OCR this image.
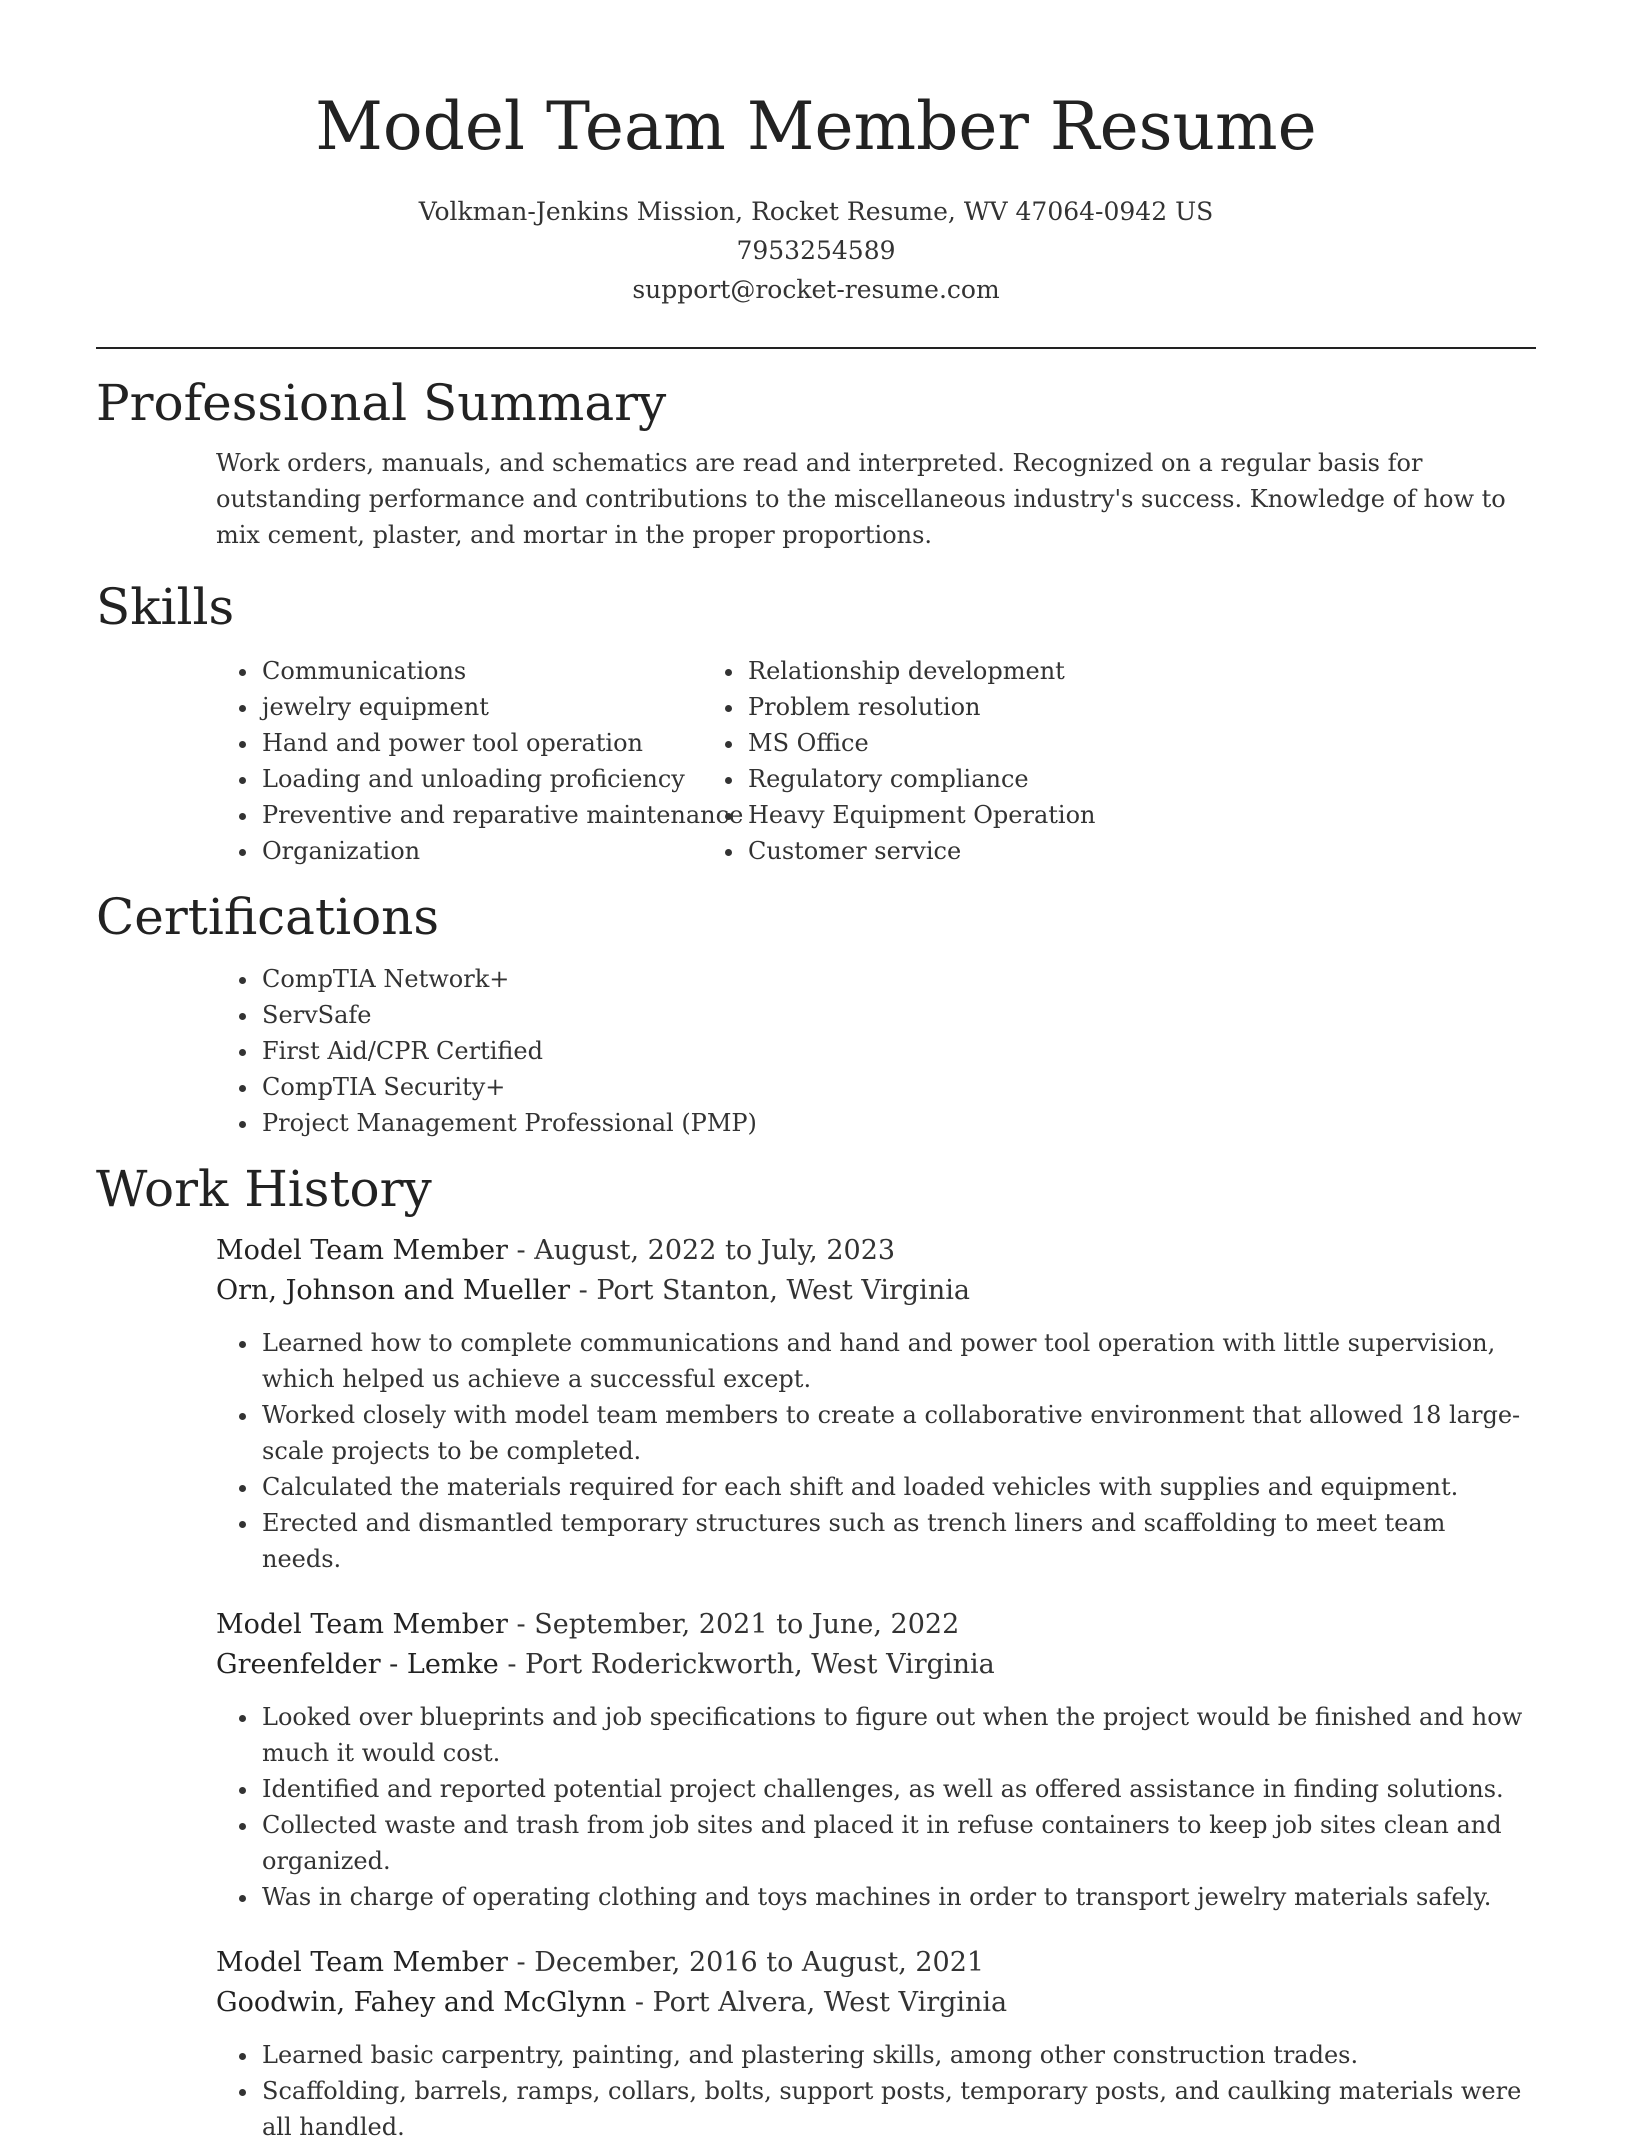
Model Team Member Resume
Volkman-Jenkins Mission, Rocket Resume, WV 47064-0942 US
7953254589
support@rocket-resume.com
Professional Summary
Work orders, manuals, and schematics are read and interpreted. Recognized on a regular basis for outstanding performance and contributions to the miscellaneous industry's success. Knowledge of how to mix cement, plaster, and mortar in the proper proportions.
Skills
• Communications
• jewelry equipment
• Hand and power tool operation
• Loading and unloading proficiency
• Preventive and reparative maintenance
• Organization
• Relationship development
• Problem resolution
• MS Office
• Regulatory compliance
• Heavy Equipment Operation
• Customer service
Certifications
• CompTIA Network+
• ServSafe
• First Aid/CPR Certified
• CompTIA Security+
• Project Management Professional (PMP)
Work History
Model Team Member - August, 2022 to July, 2023
Orn, Johnson and Mueller - Port Stanton, West Virginia
• Learned how to complete communications and hand and power tool operation with little supervision, which helped us achieve a successful except.
• Worked closely with model team members to create a collaborative environment that allowed 18 large-scale projects to be completed.
• Calculated the materials required for each shift and loaded vehicles with supplies and equipment.
• Erected and dismantled temporary structures such as trench liners and scaffolding to meet team needs.
Model Team Member - September, 2021 to June, 2022
Greenfelder - Lemke - Port Roderickworth, West Virginia
• Looked over blueprints and job specifications to figure out when the project would be finished and how much it would cost.
• Identified and reported potential project challenges, as well as offered assistance in finding solutions.
• Collected waste and trash from job sites and placed it in refuse containers to keep job sites clean and organized.
• Was in charge of operating clothing and toys machines in order to transport jewelry materials safely.
Model Team Member - December, 2016 to August, 2021
Goodwin, Fahey and McGlynn - Port Alvera, West Virginia
• Learned basic carpentry, painting, and plastering skills, among other construction trades.
• Scaffolding, barrels, ramps, collars, bolts, support posts, temporary posts, and caulking materials were all handled.
